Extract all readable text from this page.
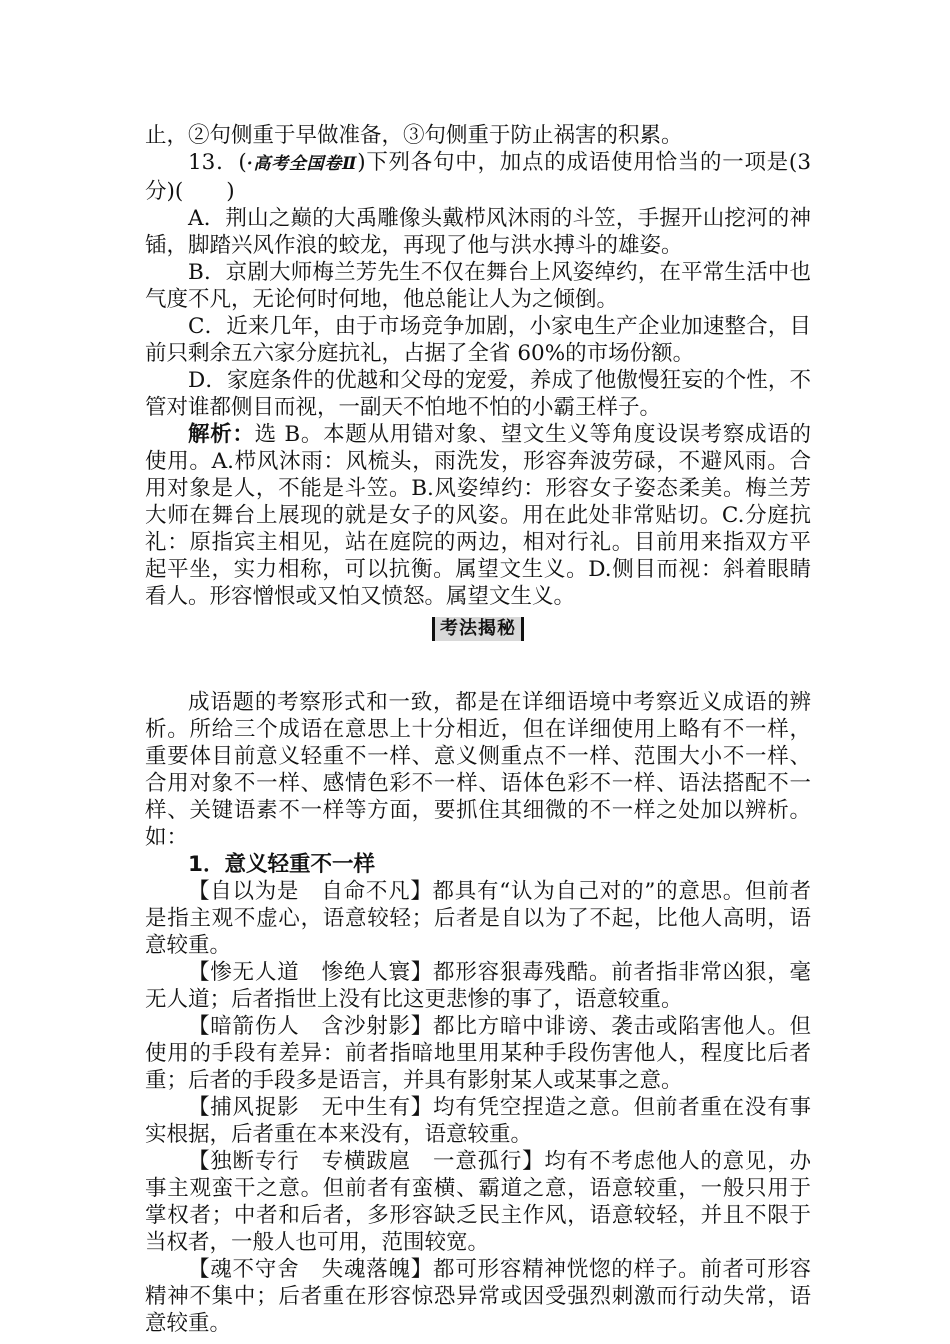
止，②句侧重于早做准备，③句侧重于防止祸害的积累。

13．(·高考全国卷Ⅱ)下列各句中，加点的成语使用恰当的一项是(3 分)(　　)

A．荆山之巅的大禹雕像头戴栉风沐雨的斗笠，手握开山挖河的神锸，脚踏兴风作浪的蛟龙，再现了他与洪水搏斗的雄姿。

B．京剧大师梅兰芳先生不仅在舞台上风姿绰约，在平常生活中也气度不凡，无论何时何地，他总能让人为之倾倒。

C．近来几年，由于市场竞争加剧，小家电生产企业加速整合，目前只剩余五六家分庭抗礼，占据了全省 60%的市场份额。

D．家庭条件的优越和父母的宠爱，养成了他傲慢狂妄的个性，不管对谁都侧目而视，一副天不怕地不怕的小霸王样子。

解析：选 B。本题从用错对象、望文生义等角度设误考察成语的使用。A.栉风沐雨：风梳头，雨洗发，形容奔波劳碌，不避风雨。合用对象是人，不能是斗笠。B.风姿绰约：形容女子姿态柔美。梅兰芳大师在舞台上展现的就是女子的风姿。用在此处非常贴切。C.分庭抗礼：原指宾主相见，站在庭院的两边，相对行礼。目前用来指双方平起平坐，实力相称，可以抗衡。属望文生义。D.侧目而视：斜着眼睛看人。形容憎恨或又怕又愤怒。属望文生义。

考法揭秘

成语题的考察形式和一致，都是在详细语境中考察近义成语的辨析。所给三个成语在意思上十分相近，但在详细使用上略有不一样，重要体目前意义轻重不一样、意义侧重点不一样、范围大小不一样、合用对象不一样、感情色彩不一样、语体色彩不一样、语法搭配不一样、关键语素不一样等方面，要抓住其细微的不一样之处加以辨析。如：

1．意义轻重不一样

【自以为是　自命不凡】都具有“认为自己对的”的意思。但前者是指主观不虚心，语意较轻；后者是自以为了不起，比他人高明，语意较重。

【惨无人道　惨绝人寰】都形容狠毒残酷。前者指非常凶狠，毫无人道；后者指世上没有比这更悲惨的事了，语意较重。

【暗箭伤人　含沙射影】都比方暗中诽谤、袭击或陷害他人。但使用的手段有差异：前者指暗地里用某种手段伤害他人，程度比后者重；后者的手段多是语言，并具有影射某人或某事之意。

【捕风捉影　无中生有】均有凭空捏造之意。但前者重在没有事实根据，后者重在本来没有，语意较重。

【独断专行　专横跋扈　一意孤行】均有不考虑他人的意见，办事主观蛮干之意。但前者有蛮横、霸道之意，语意较重，一般只用于掌权者；中者和后者，多形容缺乏民主作风，语意较轻，并且不限于当权者，一般人也可用，范围较宽。

【魂不守舍　失魂落魄】都可形容精神恍惚的样子。前者可形容精神不集中；后者重在形容惊恐异常或因受强烈刺激而行动失常，语意较重。
